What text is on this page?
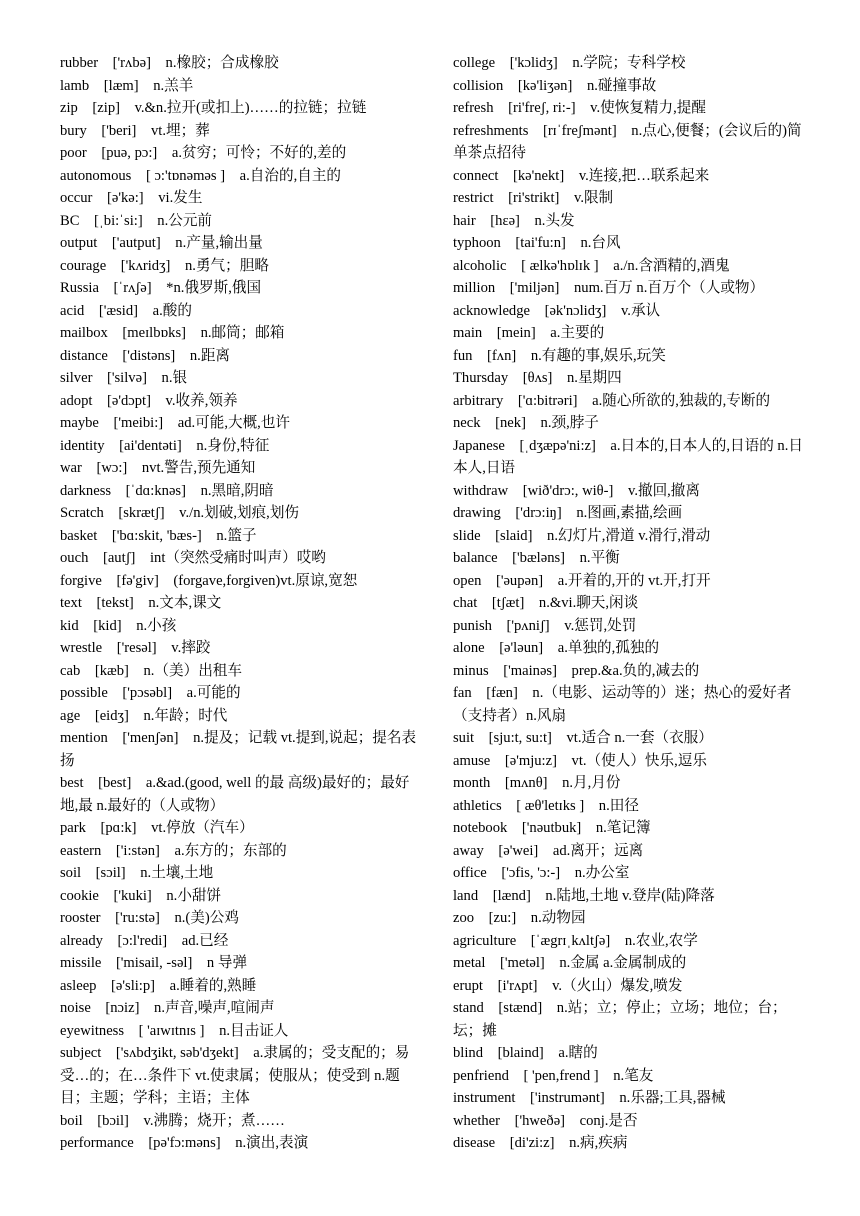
rubber    ['rʌbə]    n.橡胶；合成橡胶

lamb    [læm]    n.羔羊

zip    [zip]    v.&n.拉开(或扣上)……的拉链；拉链

bury    ['beri]    vt.埋；葬

poor    [puə, pɔ:]    a.贫穷；可怜；不好的,差的

autonomous    [ ɔ:'tɒnəməs ]    a.自治的,自主的

occur    [ə'kə:]    vi.发生

BC    [ˌbi:ˈsi:]    n.公元前

output    ['autput]    n.产量,输出量

courage    ['kʌridʒ]    n.勇气；胆略

Russia    [ˈrʌʃə]    *n.俄罗斯,俄国

acid    ['æsid]    a.酸的

mailbox    [meɪlbɒks]    n.邮筒；邮箱

distance    ['distəns]    n.距离

silver    ['silvə]    n.银

adopt    [ə'dɔpt]    v.收养,领养

maybe    ['meibi:]    ad.可能,大概,也许

identity    [ai'dentəti]    n.身份,特征

war    [wɔ:]    nvt.警告,预先通知

darkness    [ˈdɑ:knəs]    n.黑暗,阴暗

Scratch    [skrætʃ]    v./n.划破,划痕,划伤

basket    ['bɑ:skit, 'bæs-]    n.篮子

ouch    [autʃ]    int（突然受痛时叫声）哎哟

forgive    [fə'giv]    (forgave,forgiven)vt.原谅,宽恕

text    [tekst]    n.文本,课文

kid    [kid]    n.小孩

wrestle    ['resəl]    v.摔跤

cab    [kæb]    n.（美）出租车

possible    ['pɔsəbl]    a.可能的

age    [eidʒ]    n.年龄；时代

mention    ['menʃən]    n.提及；记载 vt.提到,说起；提名表扬

best    [best]    a.&ad.(good, well 的最 高级)最好的；最好地,最 n.最好的（人或物）

park    [pɑ:k]    vt.停放（汽车）

eastern    ['i:stən]    a.东方的；东部的

soil    [sɔil]    n.土壤,土地

cookie    ['kuki]    n.小甜饼

rooster    ['ru:stə]    n.(美)公鸡

already    [ɔ:l'redi]    ad.已经

missile    ['misail, -səl]    n 导弹

asleep    [ə'sli:p]    a.睡着的,熟睡

noise    [nɔiz]    n.声音,噪声,喧闹声

eyewitness    [ 'aɪwɪtnɪs ]    n.目击证人

subject    ['sʌbdʒikt, səb'dʒekt]    a.隶属的；受支配的；易受…的；在…条件下 vt.使隶属；使服从；使受到 n.题目；主题；学科；主语；主体

boil    [bɔil]    v.沸腾；烧开；煮……

performance    [pə'fɔ:məns]    n.演出,表演

college    ['kɔlidʒ]    n.学院；专科学校

collision    [kə'liʒən]    n.碰撞事故

refresh    [ri'freʃ, ri:-]    v.使恢复精力,提醒

refreshments    [rɪˈfreʃmənt]    n.点心,便餐；(会议后的)简单茶点招待

connect    [kə'nekt]    v.连接,把…联系起来

restrict    [ri'strikt]    v.限制

hair    [hεə]    n.头发

typhoon    [tai'fu:n]    n.台风

alcoholic    [ ælkə'hɒlɪk ]    a./n.含酒精的,酒鬼

million    ['miljən]    num.百万 n.百万个（人或物）

acknowledge    [ək'nɔlidʒ]    v.承认

main    [mein]    a.主要的

fun    [fʌn]    n.有趣的事,娱乐,玩笑

Thursday    [θʌs]    n.星期四

arbitrary    ['ɑ:bitrəri]    a.随心所欲的,独裁的,专断的

neck    [nek]    n.颈,脖子

Japanese    [ˌdʒæpə'ni:z]    a.日本的,日本人的,日语的 n.日本人,日语

withdraw    [wið'drɔ:, wiθ-]    v.撤回,撤离

drawing    ['drɔ:iŋ]    n.图画,素描,绘画

slide    [slaid]    n.幻灯片,滑道 v.滑行,滑动

balance    ['bæləns]    n.平衡

open    ['əupən]    a.开着的,开的 vt.开,打开

chat    [tʃæt]    n.&vi.聊天,闲谈

punish    ['pʌniʃ]    v.惩罚,处罚

alone    [ə'ləun]    a.单独的,孤独的

minus    ['mainəs]    prep.&a.负的,减去的

fan    [fæn]    n.（电影、运动等的）迷；热心的爱好者（支持者）n.风扇

suit    [sju:t, su:t]    vt.适合 n.一套（衣服）

amuse    [ə'mju:z]    vt.（使人）快乐,逗乐

month    [mʌnθ]    n.月,月份

athletics    [ æθ'letɪks ]    n.田径

notebook    ['nəutbuk]    n.笔记簿

away    [ə'wei]    ad.离开；远离

office    ['ɔfis, 'ɔ:-]    n.办公室

land    [lænd]    n.陆地,土地 v.登岸(陆)降落

zoo    [zu:]    n.动物园

agriculture    [ˈægrɪˌkʌltʃə]    n.农业,农学

metal    ['metəl]    n.金属 a.金属制成的

erupt    [i'rʌpt]    v.（火山）爆发,喷发

stand    [stænd]    n.站；立；停止；立场；地位；台；坛；摊

blind    [blaind]    a.瞎的

penfriend    [ 'pen,frend ]    n.笔友

instrument    ['instrumənt]    n.乐器;工具,器械

whether    ['hweðə]    conj.是否

disease    [di'zi:z]    n.病,疾病
